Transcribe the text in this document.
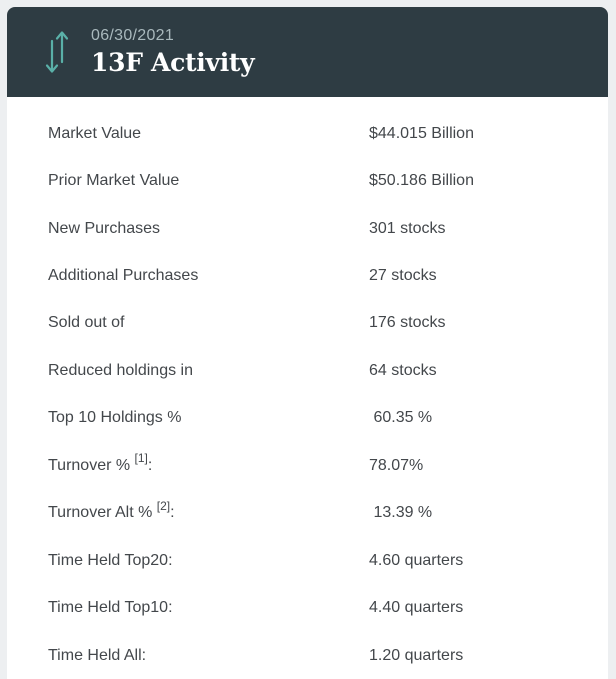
06/30/2021
13F Activity
Market Value	$44.015 Billion
Prior Market Value	$50.186 Billion
New Purchases	301 stocks
Additional Purchases	27 stocks
Sold out of	176 stocks
Reduced holdings in	64 stocks
Top 10 Holdings %	60.35 %
Turnover % [1]:	78.07%
Turnover Alt % [2]:	13.39 %
Time Held Top20:	4.60 quarters
Time Held Top10:	4.40 quarters
Time Held All:	1.20 quarters
